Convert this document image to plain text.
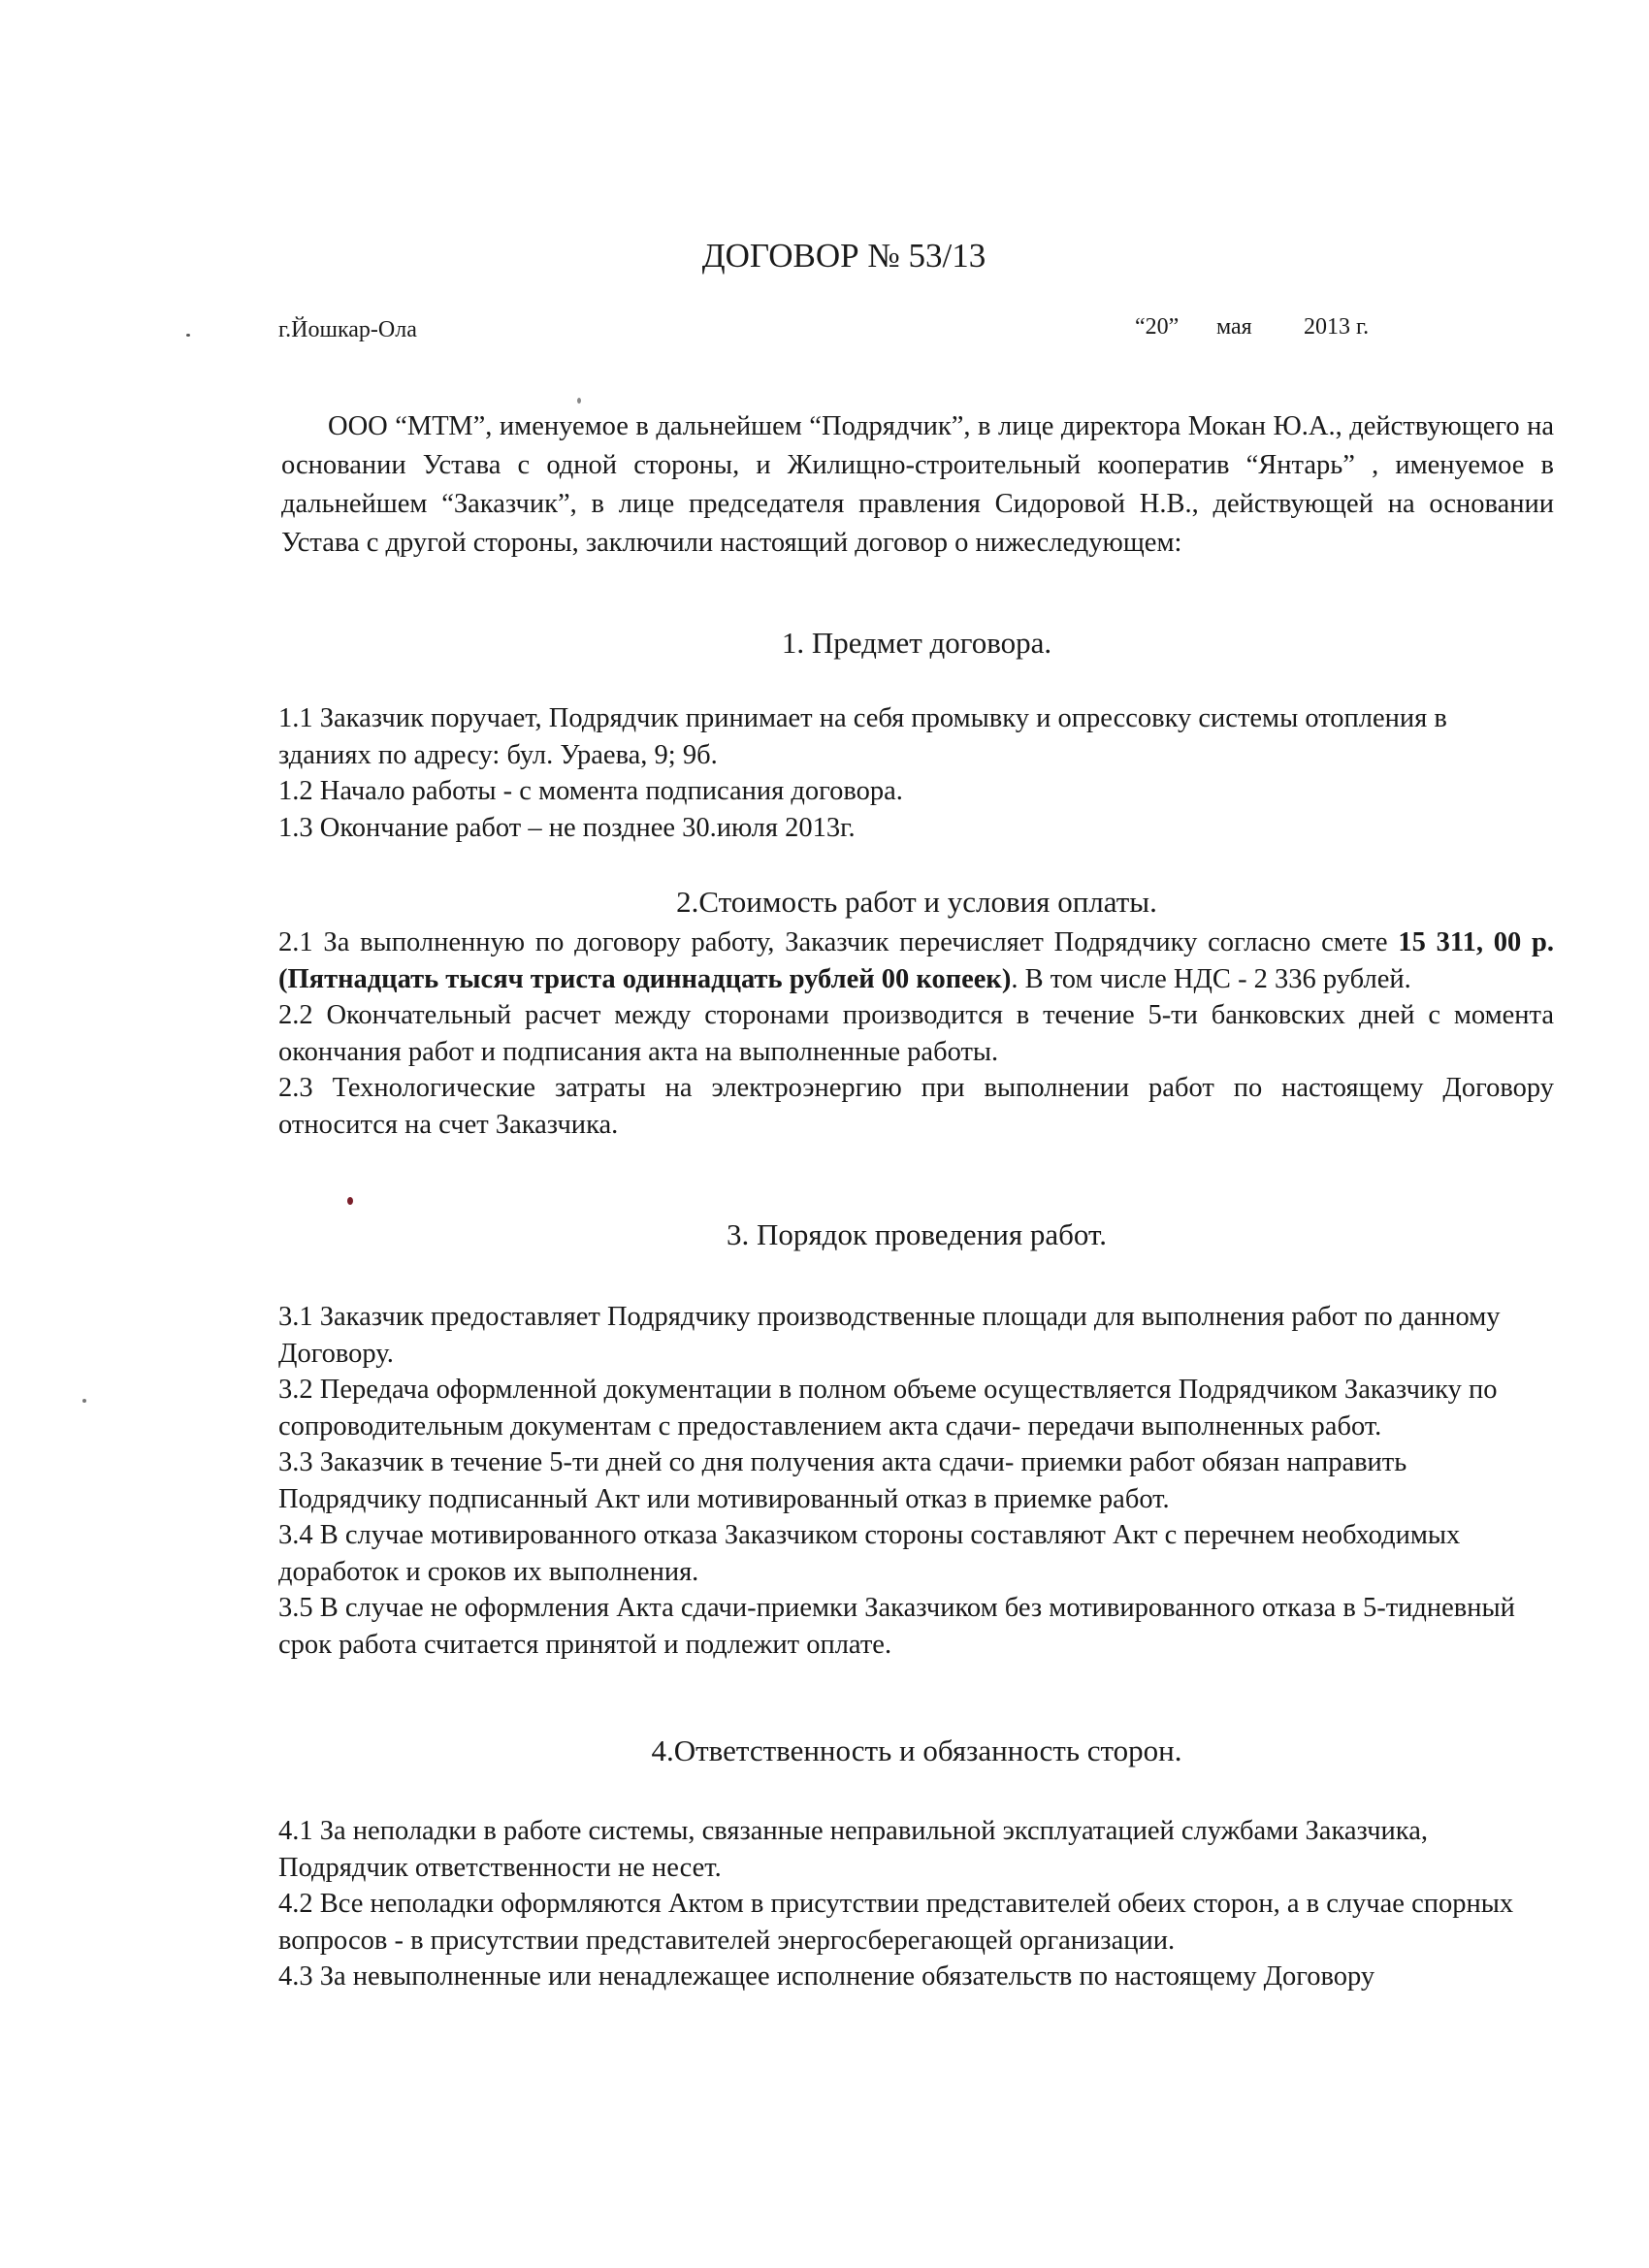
ДОГОВОР № 53/13
г.Йошкар-Ола	“20” мая 2013 г.

ООО “МТМ”, именуемое в дальнейшем “Подрядчик”, в лице директора Мокан Ю.А., действующего на основании Устава с одной стороны, и Жилищно-строительный кооператив “Янтарь” , именуемое в дальнейшем “Заказчик”, в лице председателя правления Сидоровой Н.В., действующей на основании Устава с другой стороны, заключили настоящий договор о нижеследующем:

1. Предмет договора.

1.1 Заказчик поручает, Подрядчик принимает на себя промывку и опрессовку системы отопления в зданиях по адресу: бул. Ураева, 9; 9б.

1.2 Начало работы - с момента подписания договора.

1.3 Окончание работ – не позднее 30.июля 2013г.

2.Стоимость работ и условия оплаты.

2.1 За выполненную по договору работу, Заказчик перечисляет Подрядчику согласно смете 15 311, 00 р. (Пятнадцать тысяч триста одиннадцать рублей 00 копеек). В том числе НДС - 2 336 рублей.

2.2 Окончательный расчет между сторонами производится в течение 5-ти банковских дней с момента окончания работ и подписания акта на выполненные работы.

2.3 Технологические затраты на электроэнергию при выполнении работ по настоящему Договору относится на счет Заказчика.

3. Порядок проведения работ.

3.1 Заказчик предоставляет Подрядчику производственные площади для выполнения работ по данному Договору.

3.2 Передача оформленной документации в полном объеме осуществляется Подрядчиком Заказчику по сопроводительным документам с предоставлением акта сдачи- передачи выполненных работ.

3.3 Заказчик в течение 5-ти дней со дня получения акта сдачи- приемки работ обязан направить Подрядчику подписанный Акт или мотивированный отказ в приемке работ.

3.4 В случае мотивированного отказа Заказчиком стороны составляют Акт с перечнем необходимых доработок и сроков их выполнения.

3.5 В случае не оформления Акта сдачи-приемки Заказчиком без мотивированного отказа в 5-тидневный срок работа считается принятой и подлежит оплате.

4.Ответственность и обязанность сторон.

4.1 За неполадки в работе системы, связанные неправильной эксплуатацией службами Заказчика, Подрядчик ответственности не несет.

4.2 Все неполадки оформляются Актом в присутствии представителей обеих сторон, а в случае спорных вопросов - в присутствии представителей энергосберегающей организации.

4.3 За невыполненные или ненадлежащее исполнение обязательств по настоящему Договору
